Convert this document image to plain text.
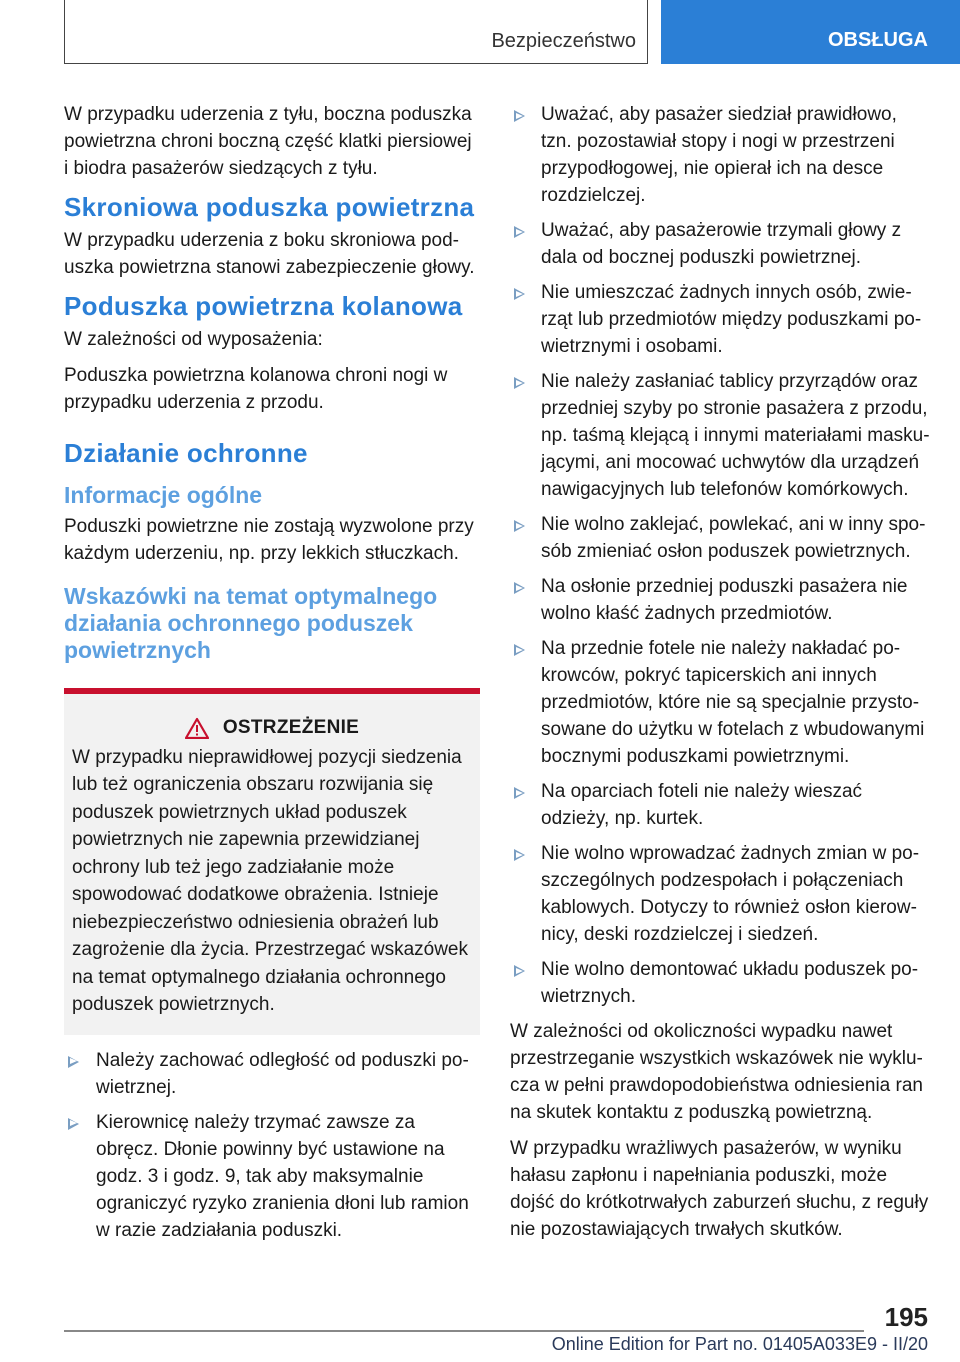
Bezpieczeństwo	OBSŁUGA

W przypadku uderzenia z tyłu, boczna poduszka powietrzna chroni boczną część klatki piersiowej i biodra pasażerów siedzących z tyłu.

Skroniowa poduszka powietrzna

W przypadku uderzenia z boku skroniowa poduszka powietrzna stanowi zabezpieczenie głowy.

Poduszka powietrzna kolanowa

W zależności od wyposażenia:

Poduszka powietrzna kolanowa chroni nogi w przypadku uderzenia z przodu.

Działanie ochronne
Informacje ogólne

Poduszki powietrzne nie zostają wyzwolone przy każdym uderzeniu, np. przy lekkich stłuczkach.

Wskazówki na temat optymalnego działania ochronnego poduszek powietrznych
OSTRZEŻENIE
W przypadku nieprawidłowej pozycji siedzenia lub też ograniczenia obszaru rozwijania się poduszek powietrznych układ poduszek powietrznych nie zapewnia przewidzianej ochrony lub też jego zadziałanie może spowodować dodatkowe obrażenia. Istnieje niebezpieczeństwo odniesienia obrażeń lub zagrożenie dla życia. Przestrzegać wskazówek na temat optymalnego działania ochronnego poduszek powietrznych.
Należy zachować odległość od poduszki powietrznej.
Kierownicę należy trzymać zawsze za obręcz. Dłonie powinny być ustawione na godz. 3 i godz. 9, tak aby maksymalnie ograniczyć ryzyko zranienia dłoni lub ramion w razie zadziałania poduszki.
Uważać, aby pasażer siedział prawidłowo, tzn. pozostawiał stopy i nogi w przestrzeni przypodłogowej, nie opierał ich na desce rozdzielczej.
Uważać, aby pasażerowie trzymali głowy z dala od bocznej poduszki powietrznej.
Nie umieszczać żadnych innych osób, zwierząt lub przedmiotów między poduszkami powietrznymi i osobami.
Nie należy zasłaniać tablicy przyrządów oraz przedniej szyby po stronie pasażera z przodu, np. taśmą klejącą i innymi materiałami maskującymi, ani mocować uchwytów dla urządzeń nawigacyjnych lub telefonów komórkowych.
Nie wolno zaklejać, powlekać, ani w inny sposób zmieniać osłon poduszek powietrznych.
Na osłonie przedniej poduszki pasażera nie wolno kłaść żadnych przedmiotów.
Na przednie fotele nie należy nakładać pokrowców, pokryć tapicerskich ani innych przedmiotów, które nie są specjalnie przystosowane do użytku w fotelach z wbudowanymi bocznymi poduszkami powietrznymi.
Na oparciach foteli nie należy wieszać odzieży, np. kurtek.
Nie wolno wprowadzać żadnych zmian w poszczególnych podzespołach i połączeniach kablowych. Dotyczy to również osłon kierownicy, deski rozdzielczej i siedzeń.
Nie wolno demontować układu poduszek powietrznych.

W zależności od okoliczności wypadku nawet przestrzeganie wszystkich wskazówek nie wyklucza w pełni prawdopodobieństwa odniesienia ran na skutek kontaktu z poduszką powietrzną.

W przypadku wrażliwych pasażerów, w wyniku hałasu zapłonu i napełniania poduszki, może dojść do krótkotrwałych zaburzeń słuchu, z reguły nie pozostawiających trwałych skutków.

195
Online Edition for Part no. 01405A033E9 - II/20
